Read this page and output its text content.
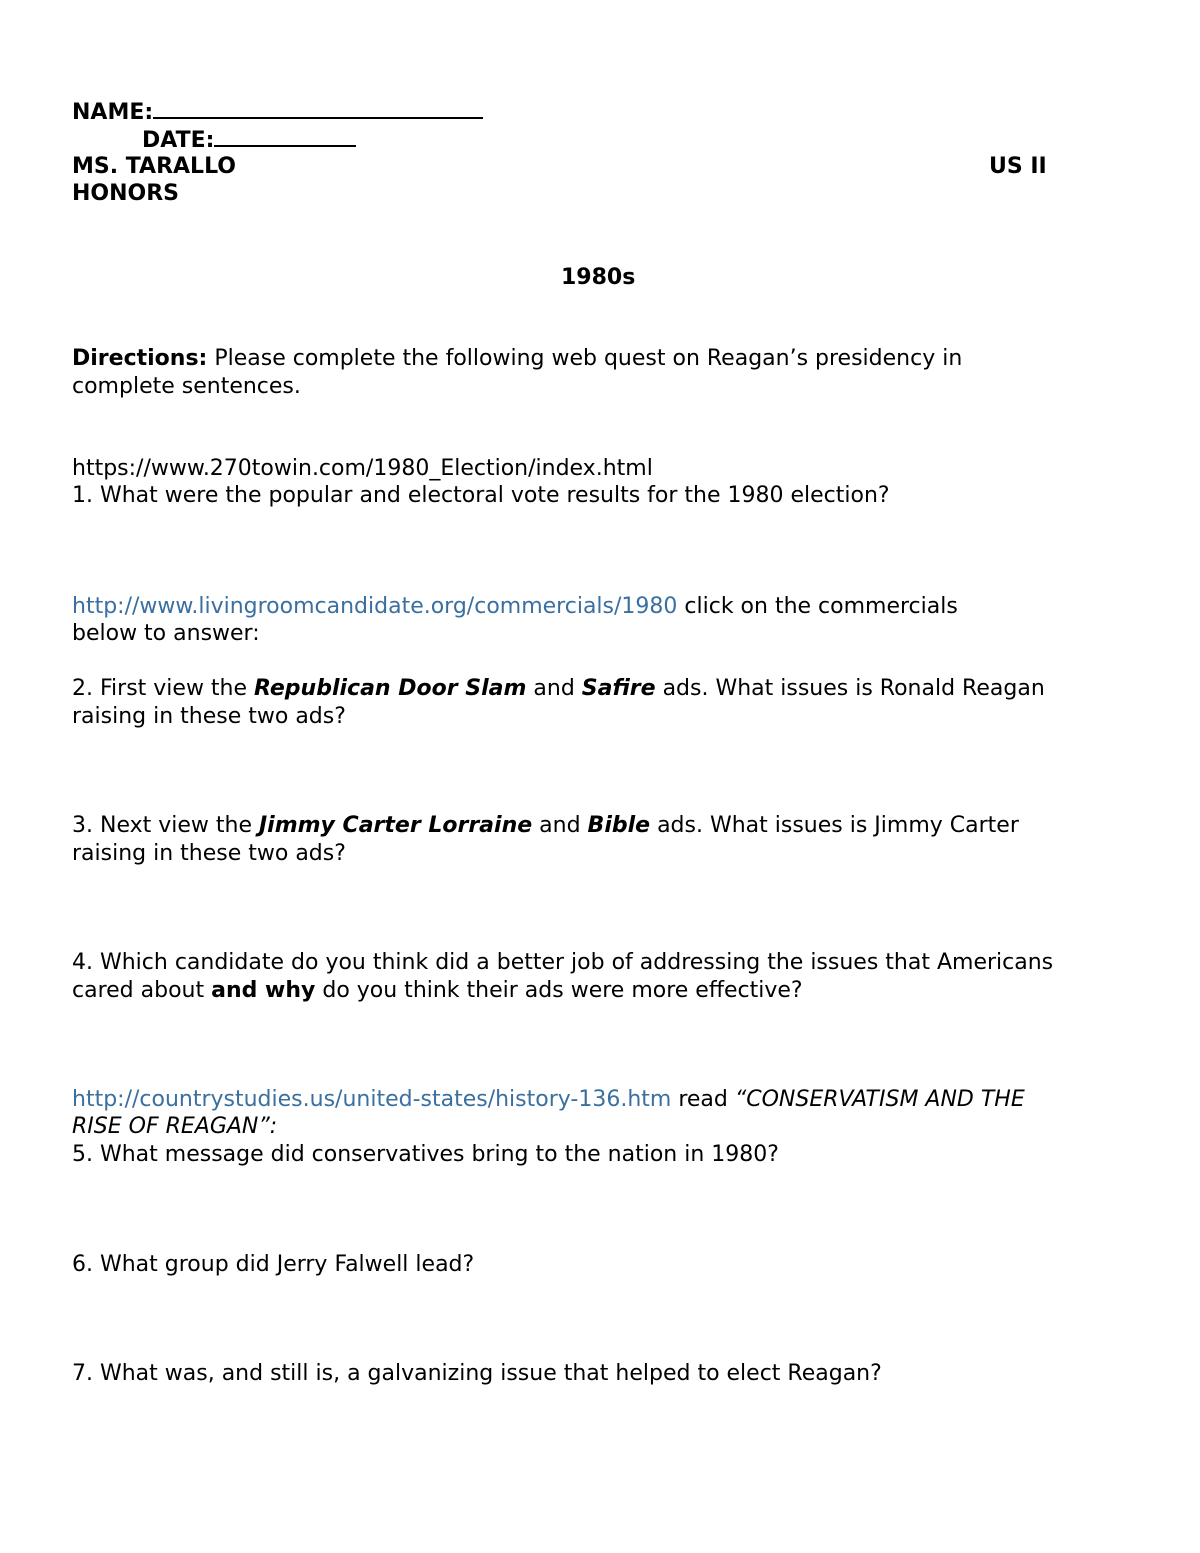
NAME:
DATE:
MS. TARALLO	US II
HONORS
1980s
Directions: Please complete the following web quest on Reagan’s presidency in
complete sentences.
https://www.270towin.com/1980_Election/index.html
1. What were the popular and electoral vote results for the 1980 election?
http://www.livingroomcandidate.org/commercials/1980 click on the commercials
below to answer:
2. First view the Republican Door Slam and Safire ads. What issues is Ronald Reagan
raising in these two ads?
3. Next view the Jimmy Carter Lorraine and Bible ads. What issues is Jimmy Carter
raising in these two ads?
4. Which candidate do you think did a better job of addressing the issues that Americans
cared about and why do you think their ads were more effective?
http://countrystudies.us/united-states/history-136.htm read “CONSERVATISM AND THE
RISE OF REAGAN”:
5. What message did conservatives bring to the nation in 1980?
6. What group did Jerry Falwell lead?
7. What was, and still is, a galvanizing issue that helped to elect Reagan?
